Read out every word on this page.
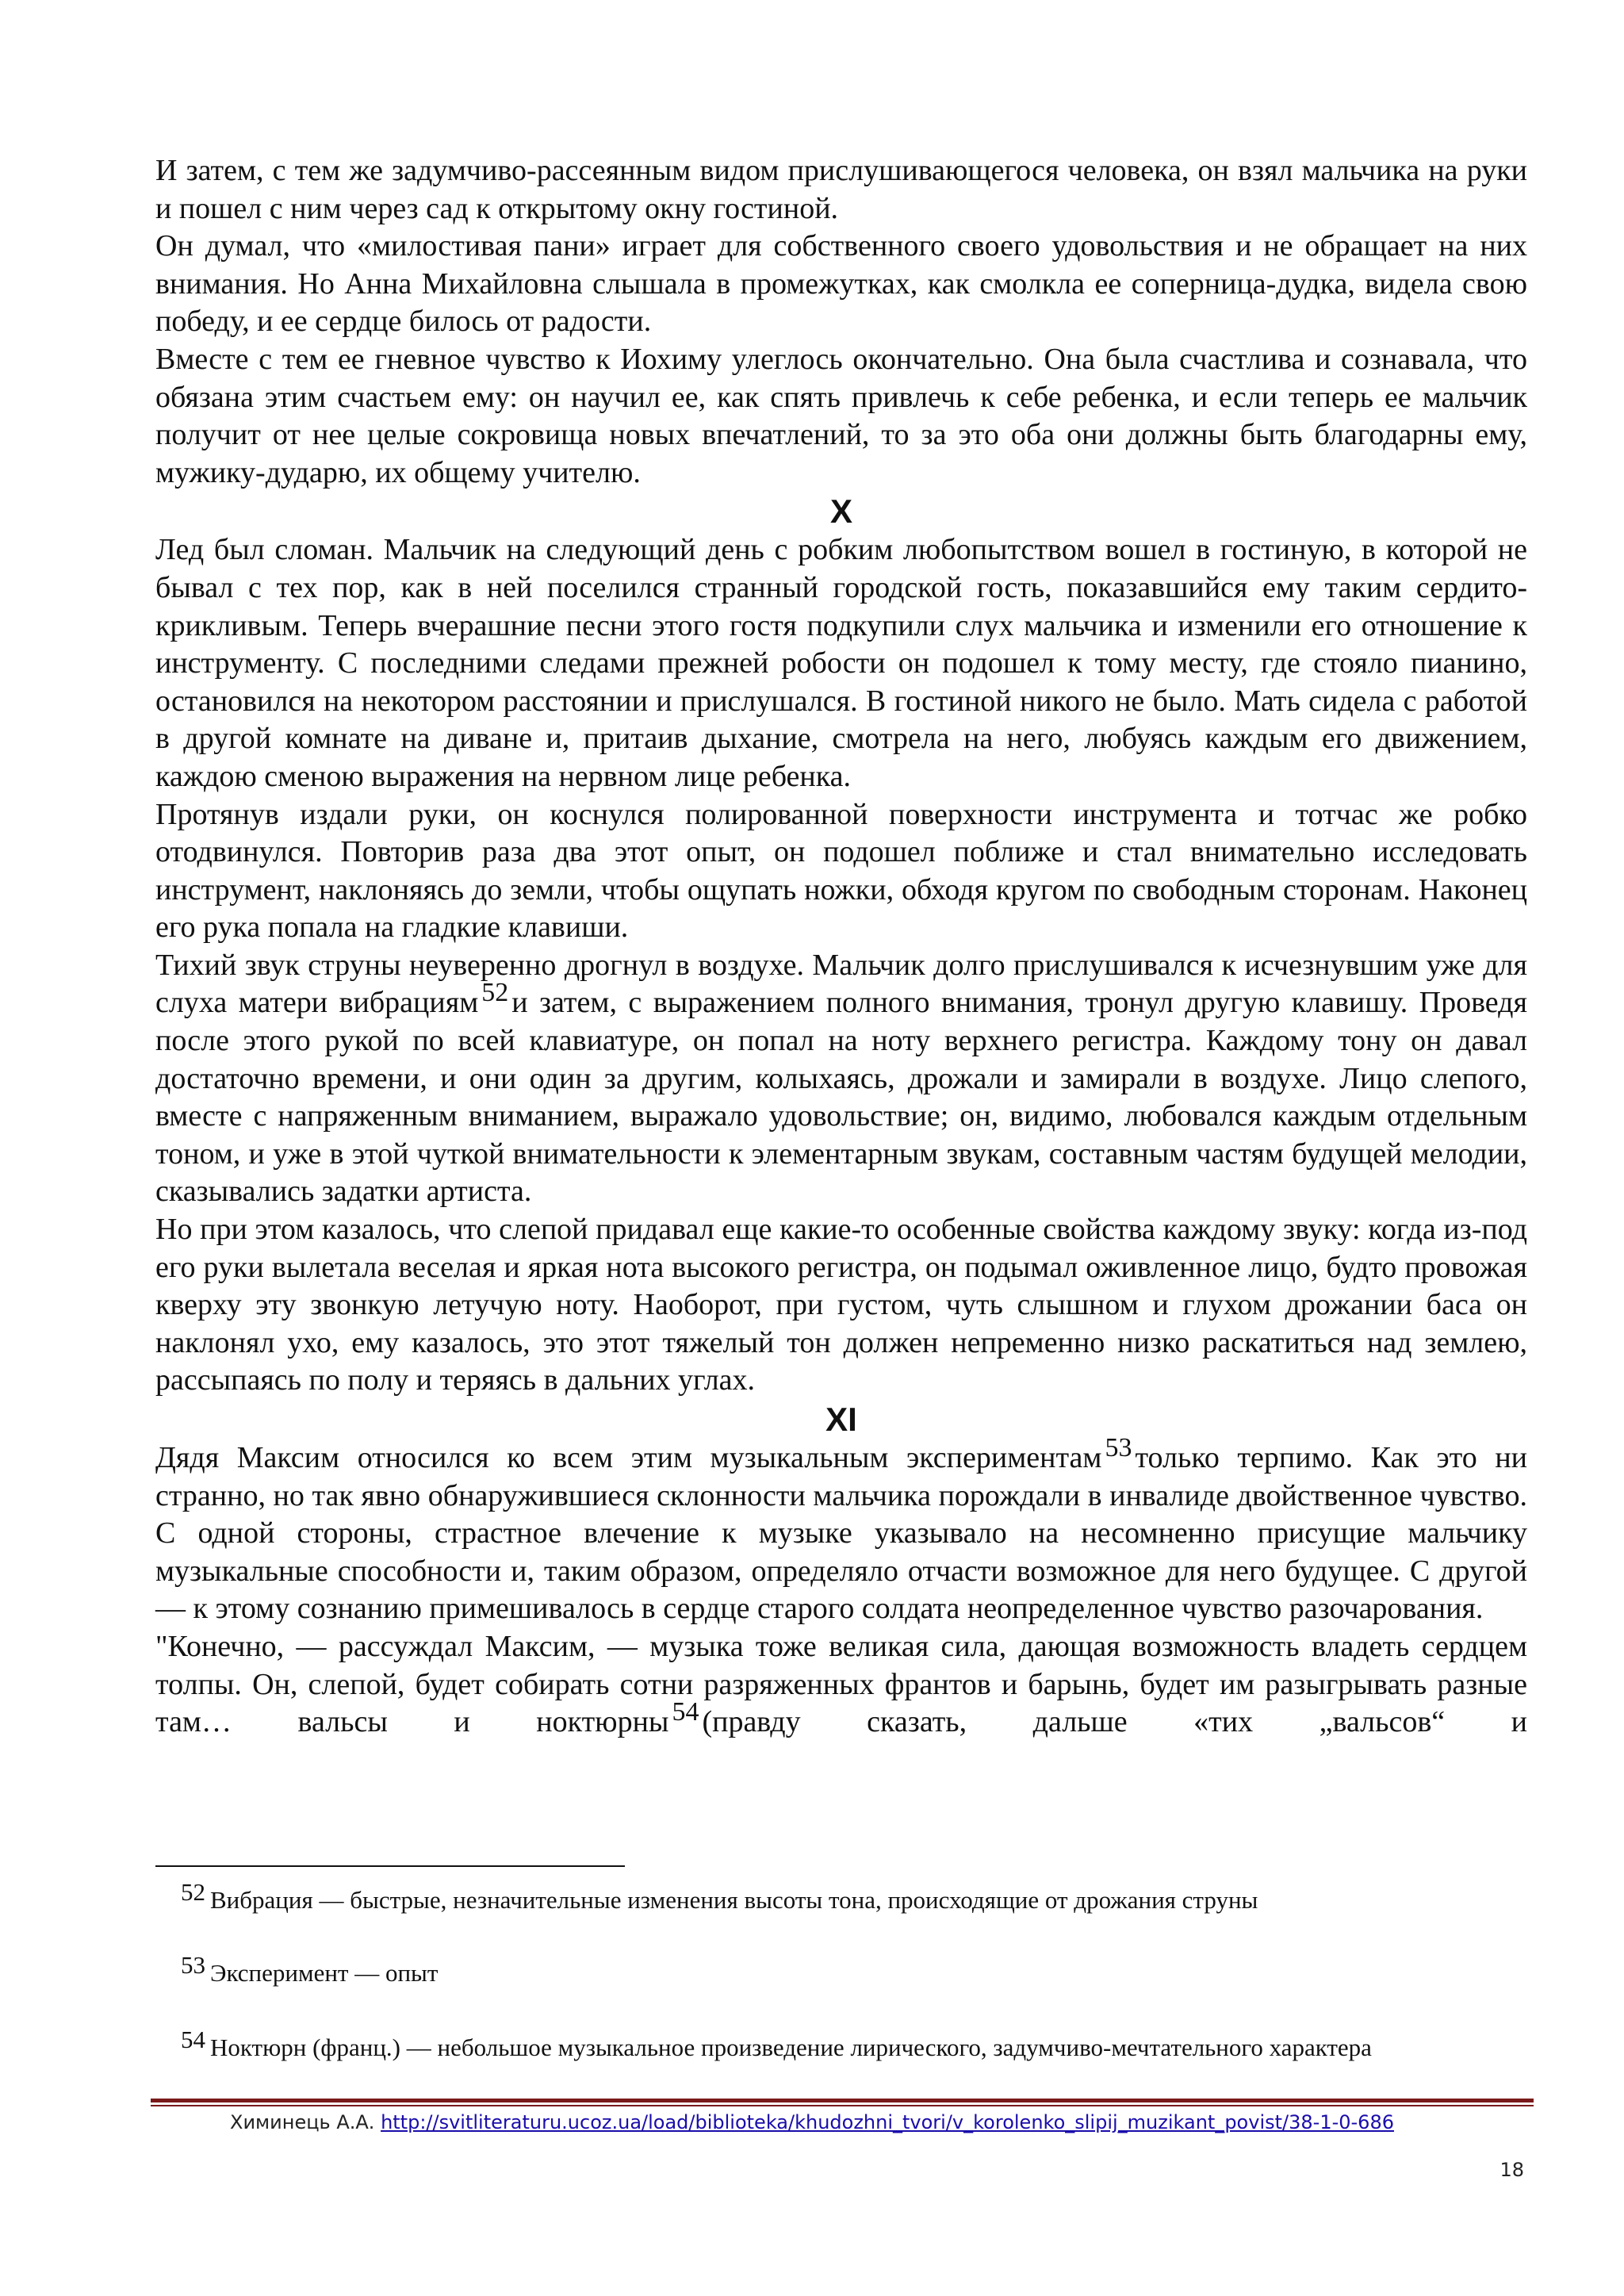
И затем, с тем же задумчиво-рассеянным видом прислушивающегося человека, он взял мальчика на руки и пошел с ним через сад к открытому окну гостиной.

Он думал, что «милостивая пани» играет для собственного своего удовольствия и не обращает на них внимания. Но Анна Михайловна слышала в промежутках, как смолкла ее соперница-дудка, видела свою победу, и ее сердце билось от радости.

Вместе с тем ее гневное чувство к Иохиму улеглось окончательно. Она была счастлива и сознавала, что обязана этим счастьем ему: он научил ее, как спять привлечь к себе ребенка, и если теперь ее мальчик получит от нее целые сокровища новых впечатлений, то за это оба они должны быть благодарны ему, мужику-дударю, их общему учителю.

X

Лед был сломан. Мальчик на следующий день с робким любопытством вошел в гостиную, в которой не бывал с тех пор, как в ней поселился странный городской гость, показавшийся ему таким сердито-крикливым. Теперь вчерашние песни этого гостя подкупили слух мальчика и изменили его отношение к инструменту. С последними следами прежней робости он подошел к тому месту, где стояло пианино, остановился на некотором расстоянии и прислушался. В гостиной никого не было. Мать сидела с работой в другой комнате на диване и, притаив дыхание, смотрела на него, любуясь каждым его движением, каждою сменою выражения на нервном лице ребенка.

Протянув издали руки, он коснулся полированной поверхности инструмента и тотчас же робко отодвинулся. Повторив раза два этот опыт, он подошел поближе и стал внимательно исследовать инструмент, наклоняясь до земли, чтобы ощупать ножки, обходя кругом по свободным сторонам. Наконец его рука попала на гладкие клавиши.

Тихий звук струны неуверенно дрогнул в воздухе. Мальчик долго прислушивался к исчезнувшим уже для слуха матери вибрациям 52 и затем, с выражением полного внимания, тронул другую клавишу. Проведя после этого рукой по всей клавиатуре, он попал на ноту верхнего регистра. Каждому тону он давал достаточно времени, и они один за другим, колыхаясь, дрожали и замирали в воздухе. Лицо слепого, вместе с напряженным вниманием, выражало удовольствие; он, видимо, любовался каждым отдельным тоном, и уже в этой чуткой внимательности к элементарным звукам, составным частям будущей мелодии, сказывались задатки артиста.

Но при этом казалось, что слепой придавал еще какие-то особенные свойства каждому звуку: когда из-под его руки вылетала веселая и яркая нота высокого регистра, он подымал оживленное лицо, будто провожая кверху эту звонкую летучую ноту. Наоборот, при густом, чуть слышном и глухом дрожании баса он наклонял ухо, ему казалось, это этот тяжелый тон должен непременно низко раскатиться над землею, рассыпаясь по полу и теряясь в дальних углах.

XI

Дядя Максим относился ко всем этим музыкальным экспериментам 53 только терпимо. Как это ни странно, но так явно обнаружившиеся склонности мальчика порождали в инвалиде двойственное чувство. С одной стороны, страстное влечение к музыке указывало на несомненно присущие мальчику музыкальные способности и, таким образом, определяло отчасти возможное для него будущее. С другой — к этому сознанию примешивалось в сердце старого солдата неопределенное чувство разочарования.

"Конечно, — рассуждал Максим, — музыка тоже великая сила, дающая возможность владеть сердцем толпы. Он, слепой, будет собирать сотни разряженных франтов и барынь, будет им разыгрывать разные там… вальсы и ноктюрны 54 (правду сказать, дальше «тих „вальсов“ и

52 Вибрация — быстрые, незначительные изменения высоты тона, происходящие от дрожания струны
53 Эксперимент — опыт
54 Ноктюрн (франц.) — небольшое музыкальное произведение лирического, задумчиво-мечтательного характера
Химинець А.А. http://svitliteraturu.ucoz.ua/load/biblioteka/khudozhni_tvori/v_korolenko_slipij_muzikant_povist/38-1-0-686
18
